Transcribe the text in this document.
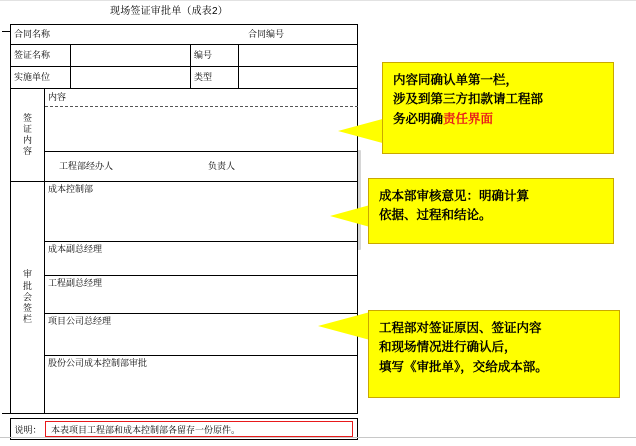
现场签证审批单（成表2）
合同名称	合同编号
签证名称	编号
实施单位	类型
签证内容
内容
工程部经办人	负责人
审批会签栏
成本控制部
成本副总经理
工程副总经理
项目公司总经理
股份公司成本控制部审批
说明：	本表项目工程部和成本控制部各留存一份原件。
内容同确认单第一栏，
涉及到第三方扣款请工程部
务必明确责任界面
成本部审核意见：明确计算
依据、过程和结论。
工程部对签证原因、签证内容
和现场情况进行确认后，
填写《审批单》，交给成本部。
